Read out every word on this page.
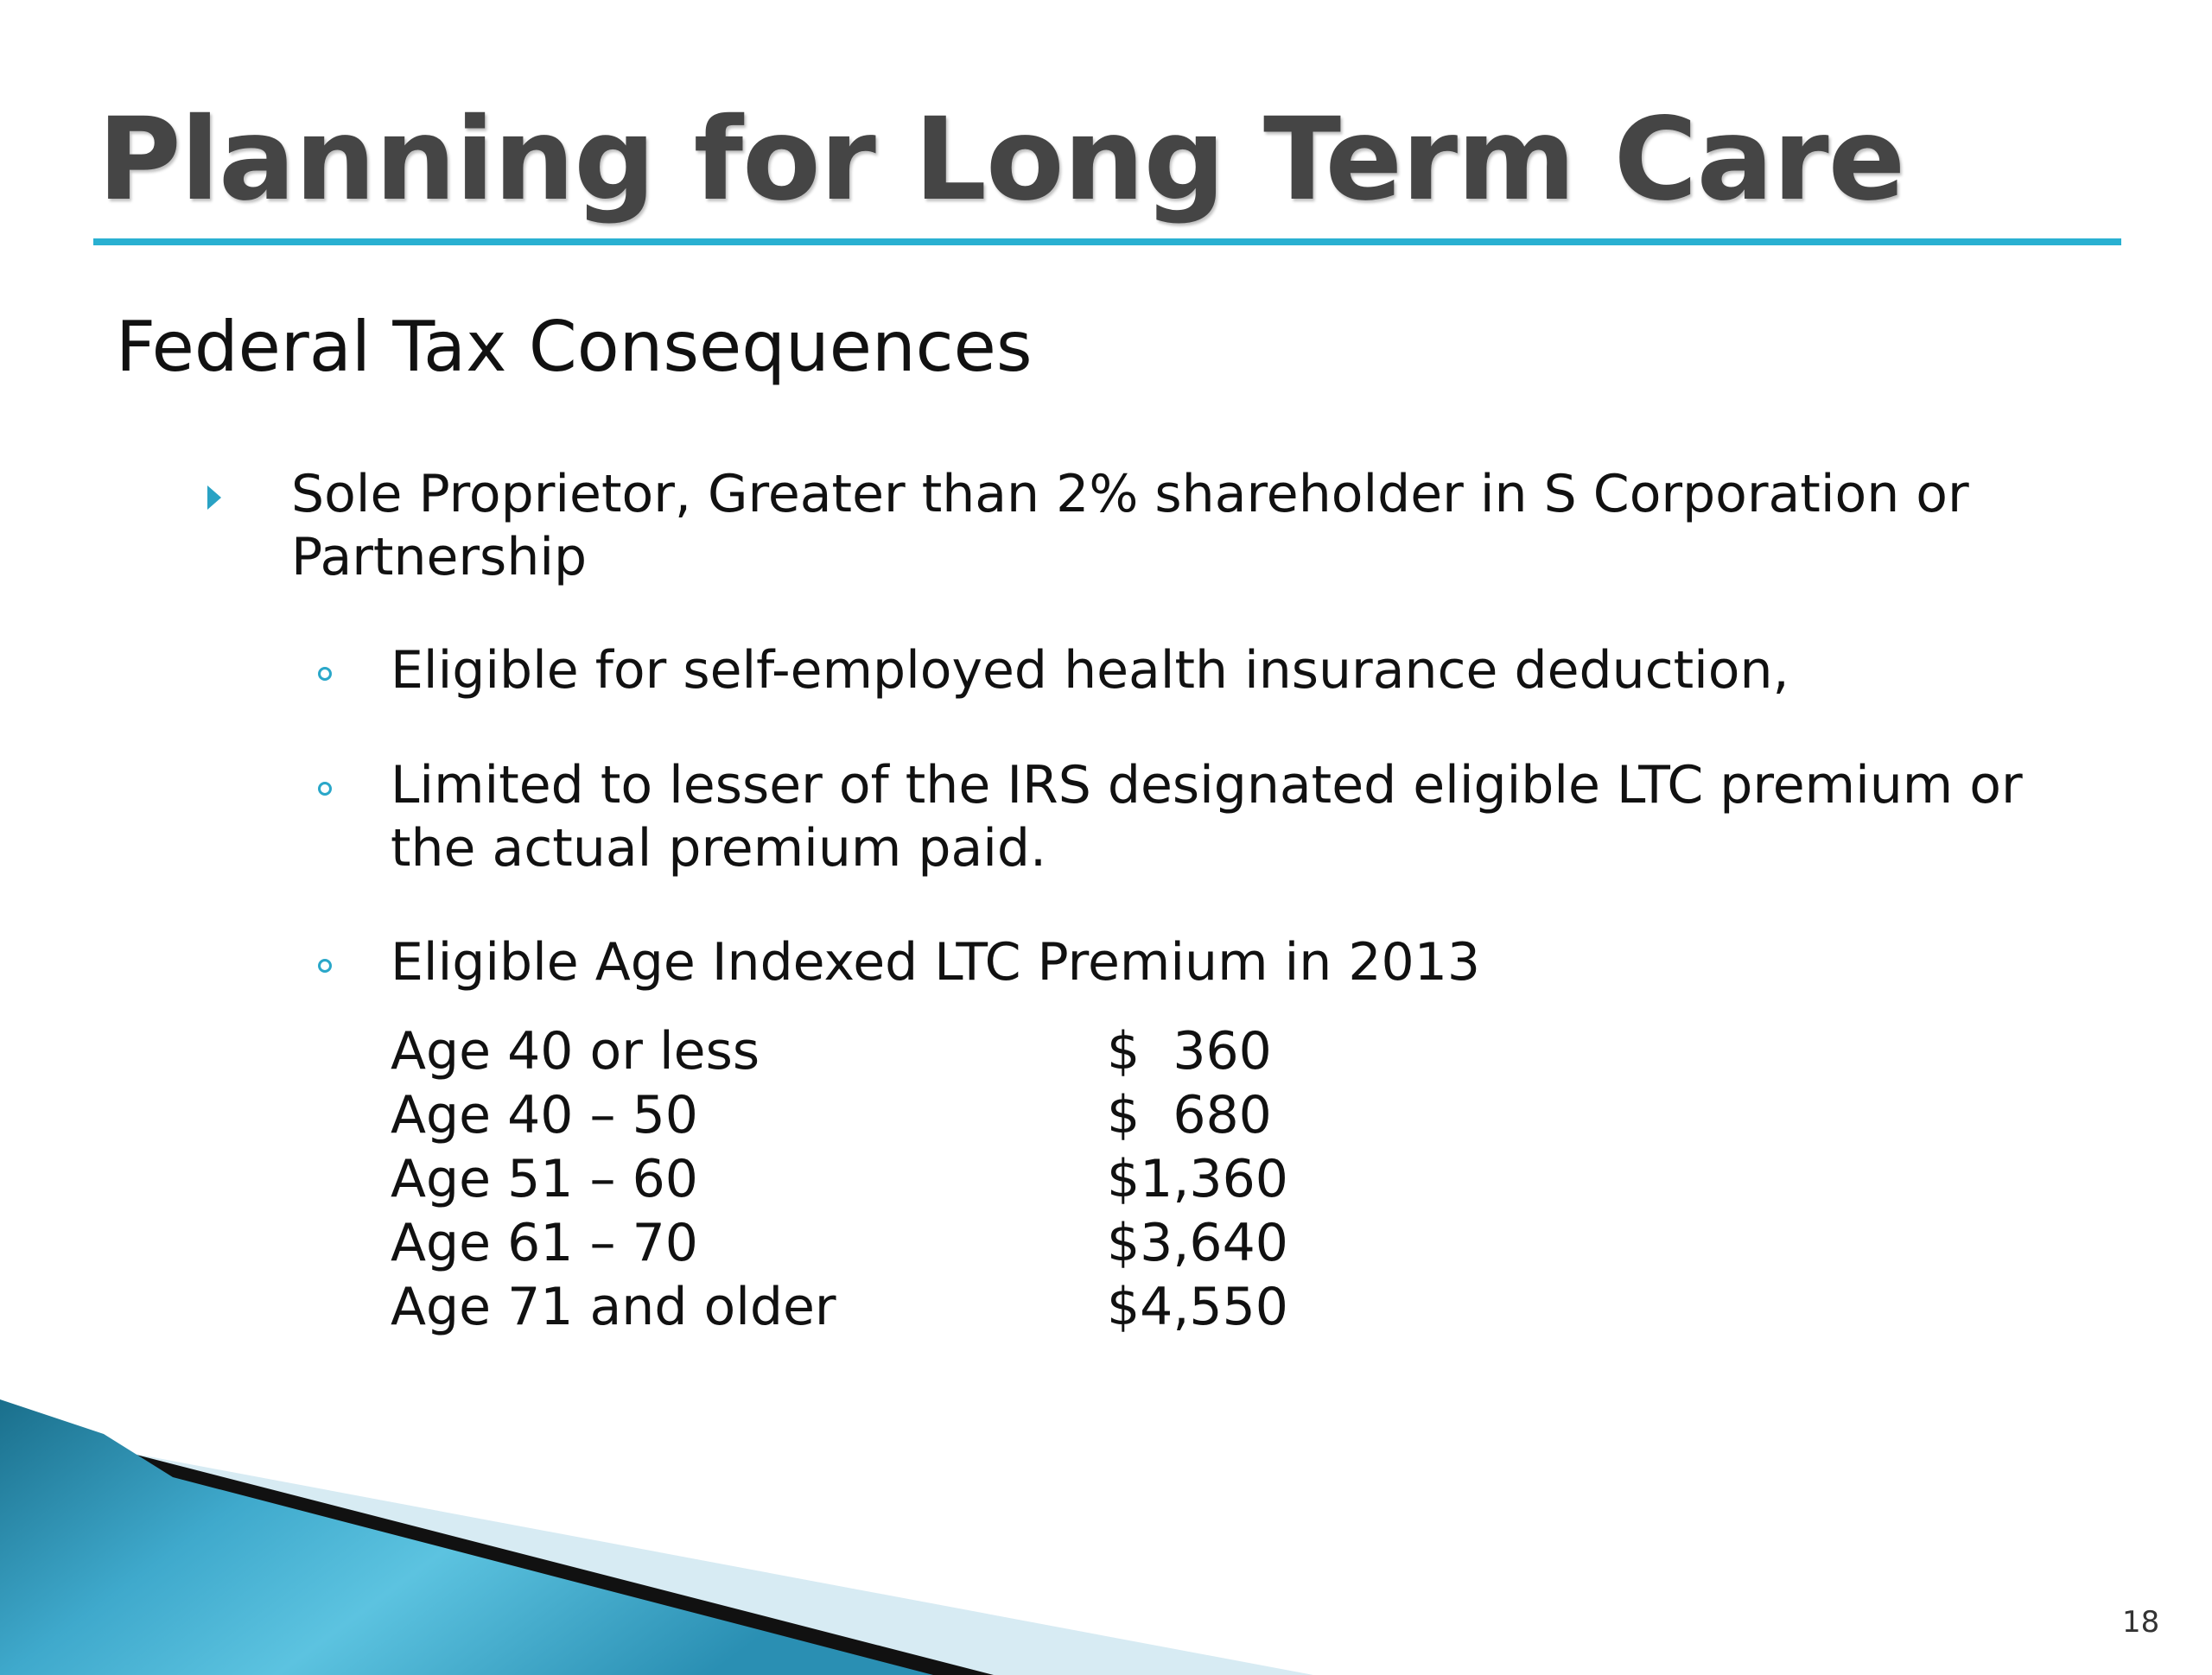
Planning for Long Term Care
Federal Tax Consequences
Sole Proprietor, Greater than 2% shareholder in S Corporation or Partnership
Eligible for self-employed health insurance deduction,
Limited to lesser of the IRS designated eligible LTC premium or the actual premium paid.
Eligible Age Indexed LTC Premium in 2013
Age 40 or less	$  360
Age 40 – 50	$  680
Age 51 – 60	$1,360
Age 61 – 70	$3,640
Age 71 and older	$4,550
18
